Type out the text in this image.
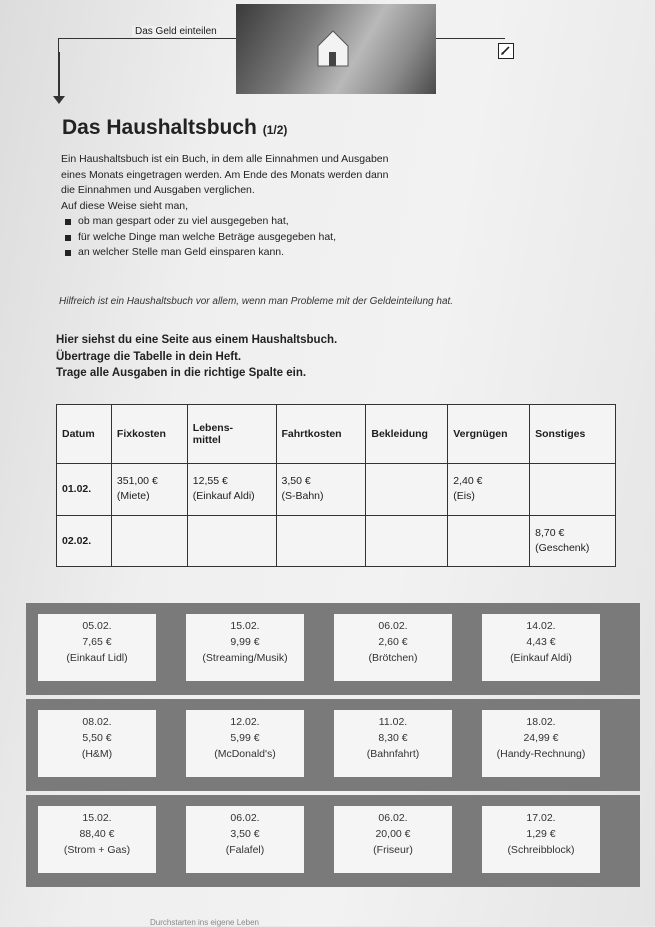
Das Geld einteilen
Das Haushaltsbuch (1/2)

Ein Haushaltsbuch ist ein Buch, in dem alle Einnahmen und Ausgaben

eines Monats eingetragen werden. Am Ende des Monats werden dann

die Einnahmen und Ausgaben verglichen.

Auf diese Weise sieht man,

ob man gespart oder zu viel ausgegeben hat,
für welche Dinge man welche Beträge ausgegeben hat,
an welcher Stelle man Geld einsparen kann.
Hilfreich ist ein Haushaltsbuch vor allem, wenn man Probleme mit der Geldeinteilung hat.

Hier siehst du eine Seite aus einem Haushaltsbuch.

Übertrage die Tabelle in dein Heft.

Trage alle Ausgaben in die richtige Spalte ein.

Datum	Fixkosten	Lebens-
mittel	Fahrtkosten	Bekleidung	Vergnügen	Sonstiges
01.02.	351,00 €
(Miete)	12,55 €
(Einkauf Aldi)	3,50 €
(S-Bahn)		2,40 €
(Eis)	

02.02.						8,70 €
(Geschenk)
05.02.
7,65 €
(Einkauf Lidl)
15.02.
9,99 €
(Streaming/Musik)
06.02.
2,60 €
(Brötchen)
14.02.
4,43 €
(Einkauf Aldi)
08.02.
5,50 €
(H&M)
12.02.
5,99 €
(McDonald's)
11.02.
8,30 €
(Bahnfahrt)
18.02.
24,99 €
(Handy-Rechnung)
15.02.
88,40 €
(Strom + Gas)
06.02.
3,50 €
(Falafel)
06.02.
20,00 €
(Friseur)
17.02.
1,29 €
(Schreibblock)
Durchstarten ins eigene Leben
